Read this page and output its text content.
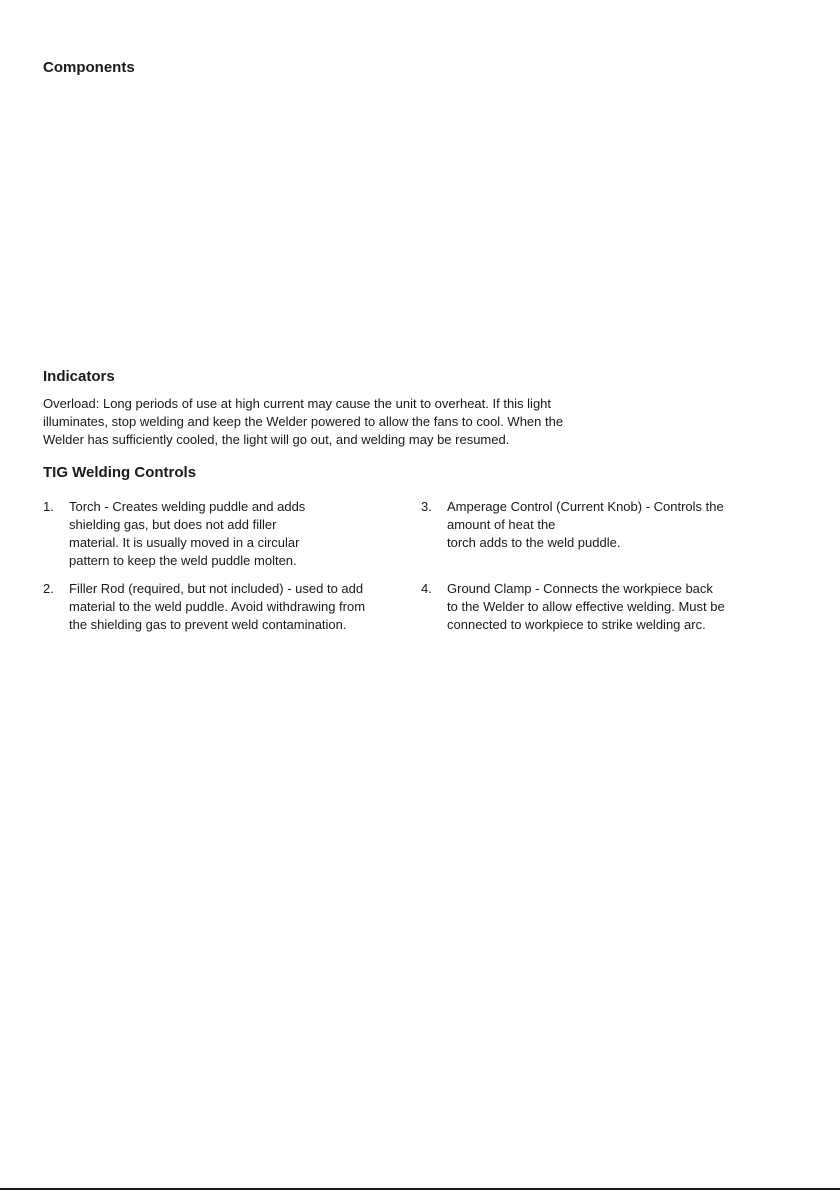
Components
Indicators

Overload: Long periods of use at high current may cause the unit to overheat. If this light
illuminates, stop welding and keep the Welder powered to allow the fans to cool. When the
Welder has sufficiently cooled, the light will go out, and welding may be resumed.

TIG Welding Controls
1. Torch - Creates welding puddle and adds
shielding gas, but does not add filler
material. It is usually moved in a circular
pattern to keep the weld puddle molten.
2. Filler Rod (required, but not included) - used to add
material to the weld puddle. Avoid withdrawing from
the shielding gas to prevent weld contamination.
3. Amperage Control (Current Knob) - Controls the
amount of heat the
torch adds to the weld puddle.
4. Ground Clamp - Connects the workpiece back
to the Welder to allow effective welding. Must be
connected to workpiece to strike welding arc.
